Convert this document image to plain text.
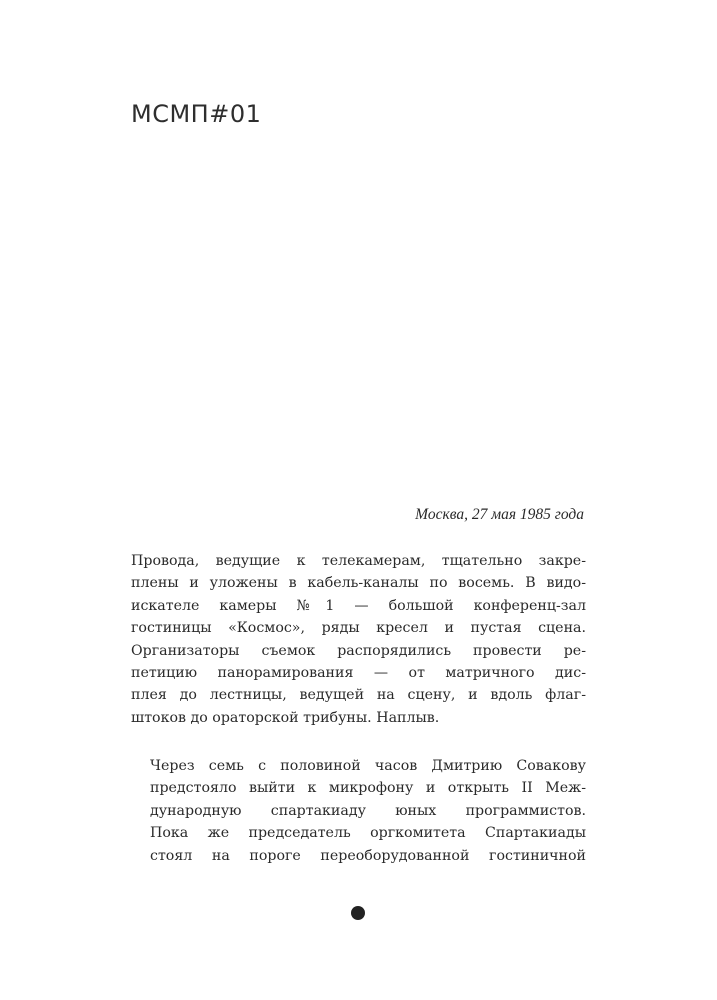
МСМП#01

Москва, 27 мая 1985 года

Провода, ведущие к телекамерам, тщательно закре-
плены и уложены в кабель-каналы по восемь. В видо-
искателе камеры №1 — большой конференц-зал
гостиницы «Космос», ряды кресел и пустая сцена.
Организаторы съемок распорядились провести ре-
петицию панорамирования — от матричного дис-
плея до лестницы, ведущей на сцену, и вдоль флаг-
штоков до ораторской трибуны. Наплыв.

Через семь с половиной часов Дмитрию Совакову
предстояло выйти к микрофону и открыть II Меж-
дународную спартакиаду юных программистов.
Пока же председатель оргкомитета Спартакиады
стоял на пороге переоборудованной гостиничной
